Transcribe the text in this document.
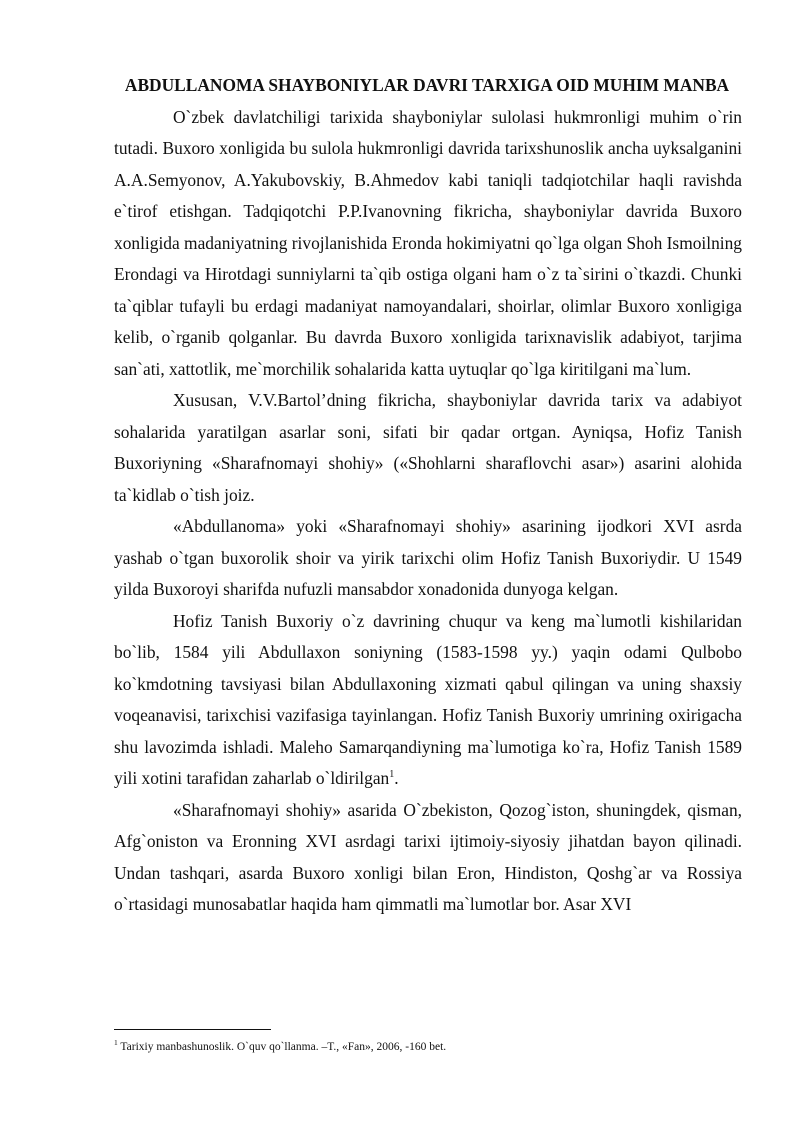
ABDULLANOMA SHAYBONIYLAR DAVRI TARXIGA OID MUHIM MANBA

O`zbek davlatchiligi tarixida shayboniylar sulolasi hukmronligi muhim o`rin tutadi. Buxoro xonligida bu sulola hukmronligi davrida tarixshunoslik ancha uyksalganini A.A.Semyonov, A.Yakubovskiy, B.Ahmedov kabi taniqli tadqiotchilar haqli ravishda e`tirof etishgan. Tadqiqotchi P.P.Ivanovning fikricha, shayboniylar davrida Buxoro xonligida madaniyatning rivojlanishida Eronda hokimiyatni qo`lga olgan Shoh Ismoilning Erondagi va Hirotdagi sunniylarni ta`qib ostiga olgani ham o`z ta`sirini o`tkazdi. Chunki ta`qiblar tufayli bu erdagi madaniyat namoyandalari, shoirlar, olimlar Buxoro xonligiga kelib, o`rganib qolganlar. Bu davrda Buxoro xonligida tarixnavislik adabiyot, tarjima san`ati, xattotlik, me`morchilik sohalarida katta uytuqlar qo`lga kiritilgani ma`lum.

Xususan, V.V.Bartol’dning fikricha, shayboniylar davrida tarix va adabiyot sohalarida yaratilgan asarlar soni, sifati bir qadar ortgan. Ayniqsa, Hofiz Tanish Buxoriyning «Sharafnomayi shohiy» («Shohlarni sharaflovchi asar») asarini alohida ta`kidlab o`tish joiz.

«Abdullanoma» yoki «Sharafnomayi shohiy» asarining ijodkori XVI asrda yashab o`tgan buxorolik shoir va yirik tarixchi olim Hofiz Tanish Buxoriydir. U 1549 yilda Buxoroyi sharifda nufuzli mansabdor xonadonida dunyoga kelgan.

Hofiz Tanish Buxoriy o`z davrining chuqur va keng ma`lumotli kishilaridan bo`lib, 1584 yili Abdullaxon soniyning (1583-1598 yy.) yaqin odami Qulbobo ko`kmdotning tavsiyasi bilan Abdullaxoning xizmati qabul qilingan va uning shaxsiy voqeanavisi, tarixchisi vazifasiga tayinlangan. Hofiz Tanish Buxoriy umrining oxirigacha shu lavozimda ishladi. Maleho Samarqandiyning ma`lumotiga ko`ra, Hofiz Tanish 1589 yili xotini tarafidan zaharlab o`ldirilgan$^1$.

«Sharafnomayi shohiy» asarida O`zbekiston, Qozog`iston, shuningdek, qisman, Afg`oniston va Eronning XVI asrdagi tarixi ijtimoiy-siyosiy jihatdan bayon qilinadi. Undan tashqari, asarda Buxoro xonligi bilan Eron, Hindiston, Qoshg`ar va Rossiya o`rtasidagi munosabatlar haqida ham qimmatli ma`lumotlar bor. Asar XVI

$^1$ Tarixiy manbashunoslik. O`quv qo`llanma. –T., «Fan», 2006, -160 bet.
